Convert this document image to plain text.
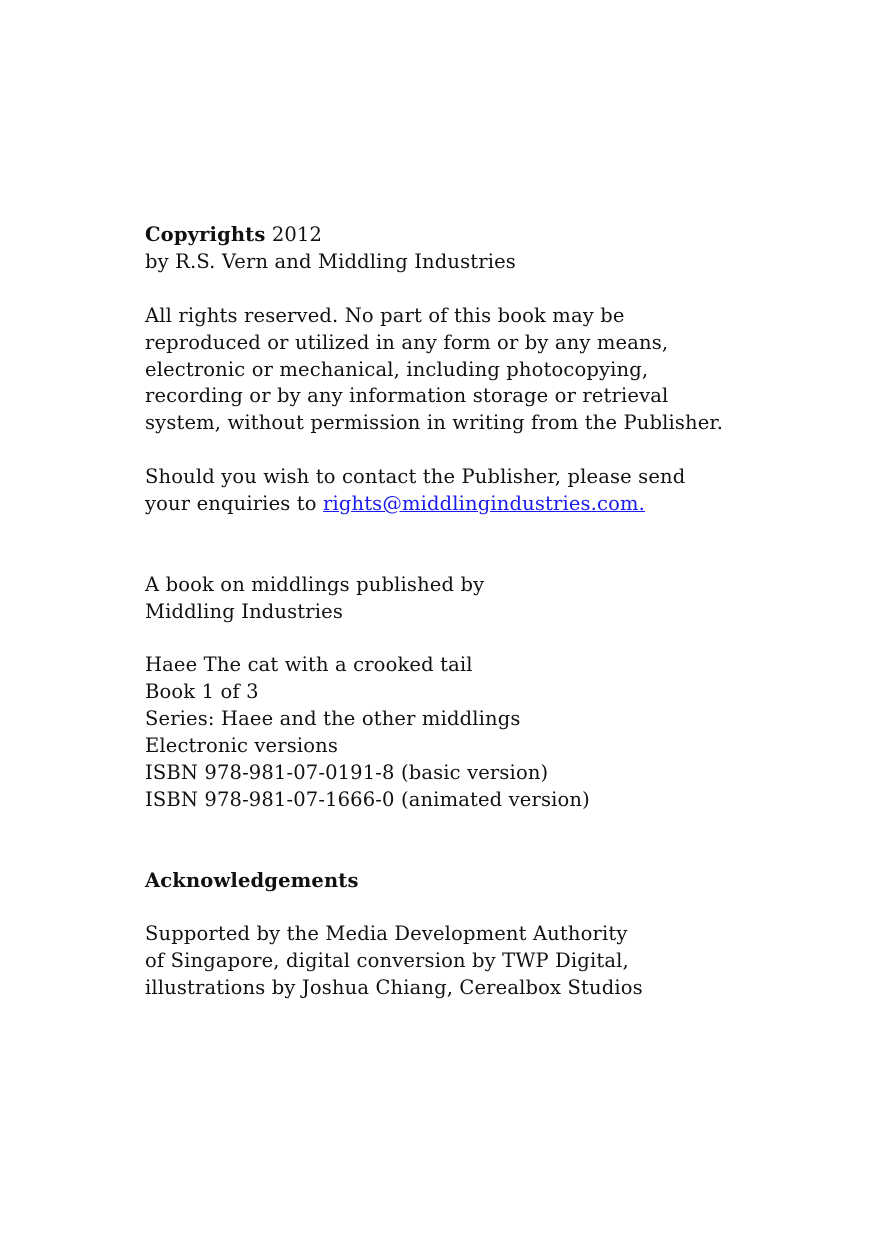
Copyrights 2012
by R.S. Vern and Middling Industries
All rights reserved. No part of this book may be
reproduced or utilized in any form or by any means,
electronic or mechanical, including photocopying,
recording or by any information storage or retrieval
system, without permission in writing from the Publisher.
Should you wish to contact the Publisher, please send
your enquiries to rights@middlingindustries.com.
A book on middlings published by
Middling Industries
Haee The cat with a crooked tail
Book 1 of 3
Series: Haee and the other middlings
Electronic versions
ISBN 978-981-07-0191-8 (basic version)
ISBN 978-981-07-1666-0 (animated version)
Acknowledgements
Supported by the Media Development Authority
of Singapore, digital conversion by TWP Digital,
illustrations by Joshua Chiang, Cerealbox Studios
